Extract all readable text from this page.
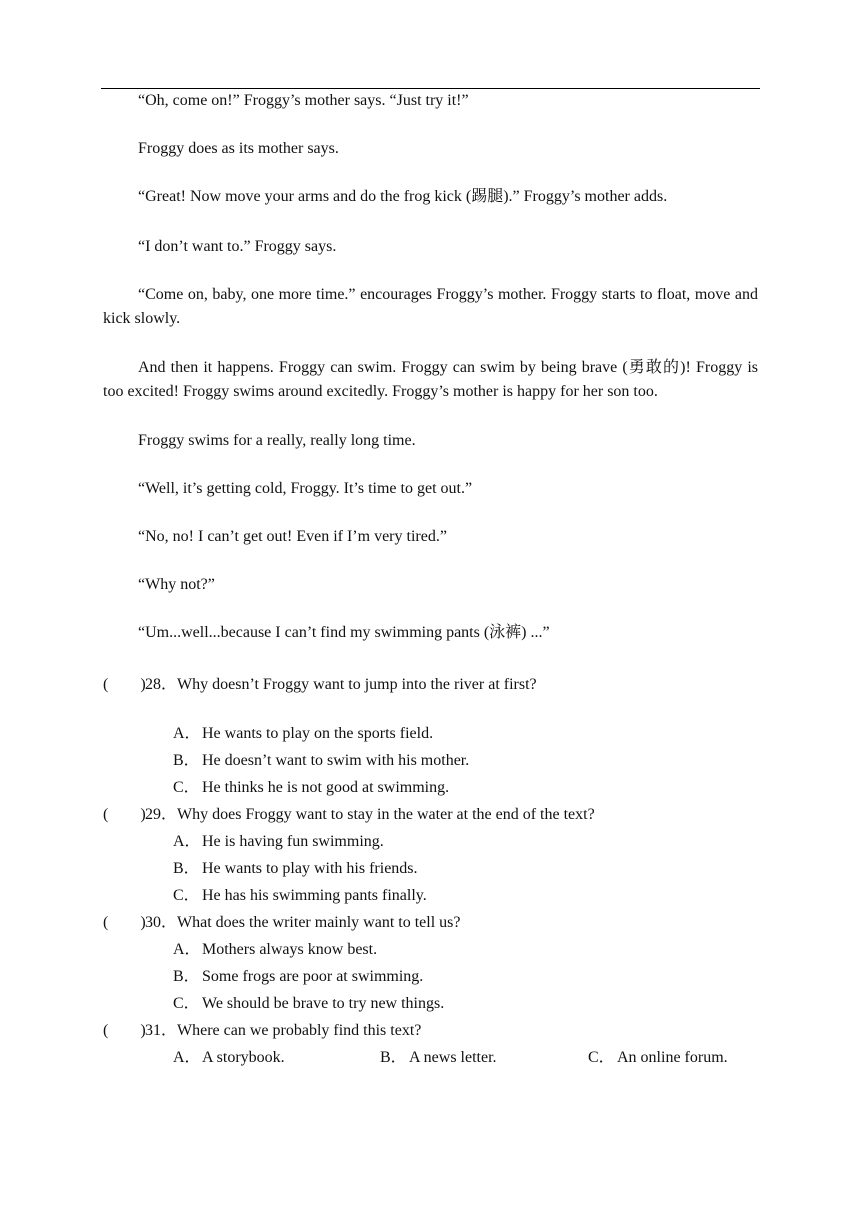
“Oh, come on!” Froggy’s mother says. “Just try it!”

Froggy does as its mother says.

“Great! Now move your arms and do the frog kick (踢腿).” Froggy’s mother adds.

“I don’t want to.” Froggy says.

“Come on, baby, one more time.” encourages Froggy’s mother. Froggy starts to float, move and kick slowly.

And then it happens. Froggy can swim. Froggy can swim by being brave (勇敢的)! Froggy is too excited! Froggy swims around excitedly. Froggy’s mother is happy for her son too.

Froggy swims for a really, really long time.

“Well, it’s getting cold, Froggy. It’s time to get out.”

“No, no! I can’t get out! Even if I’m very tired.”

“Why not?”

“Um...well...because I can’t find my swimming pants (泳裤) ...”

(　　)28．Why doesn’t Froggy want to jump into the river at first?
A．He wants to play on the sports field.
B． He doesn’t want to swim with his mother.
C． He thinks he is not good at swimming.
(　　)29．Why does Froggy want to stay in the water at the end of the text?
A．He is having fun swimming.
B． He wants to play with his friends.
C． He has his swimming pants finally.
(　　)30．What does the writer mainly want to tell us?
A．Mothers always know best.
B． Some frogs are poor at swimming.
C． We should be brave to try new things.
(　　)31．Where can we probably find this text?
A．A storybook.	B． A news letter.	C． An online forum.
